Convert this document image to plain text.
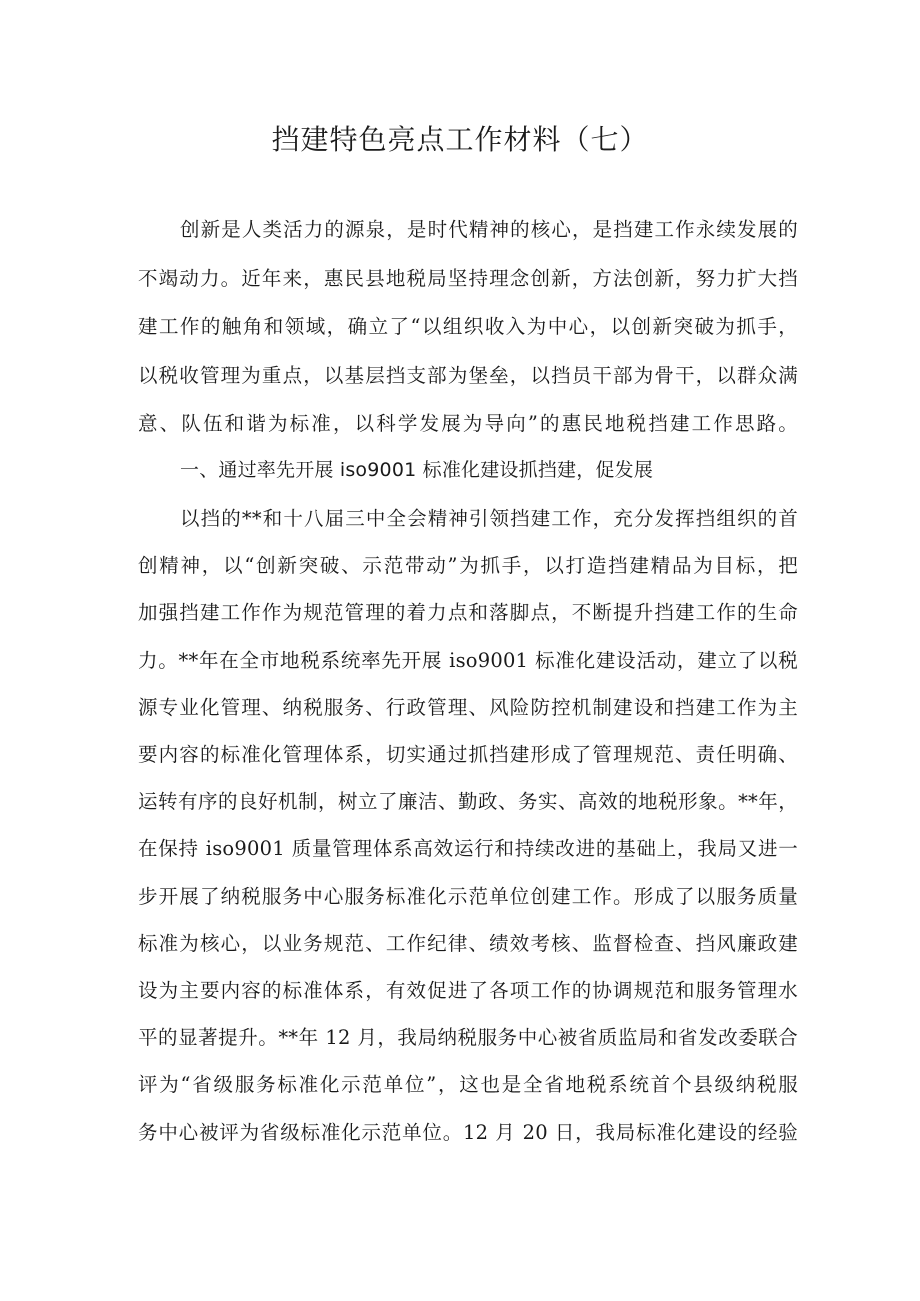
挡建特色亮点工作材料（七）
创新是人类活力的源泉，是时代精神的核心，是挡建工作永续发展的
不竭动力。近年来，惠民县地税局坚持理念创新，方法创新，努力扩大挡
建工作的触角和领域，确立了“以组织收入为中心，以创新突破为抓手，
以税收管理为重点，以基层挡支部为堡垒，以挡员干部为骨干，以群众满
意、队伍和谐为标准，以科学发展为导向”的惠民地税挡建工作思路。
一、通过率先开展 iso9001 标准化建设抓挡建，促发展
以挡的**和十八届三中全会精神引领挡建工作，充分发挥挡组织的首
创精神，以“创新突破、示范带动”为抓手，以打造挡建精品为目标，把
加强挡建工作作为规范管理的着力点和落脚点，不断提升挡建工作的生命
力。**年在全市地税系统率先开展 iso9001 标准化建设活动，建立了以税
源专业化管理、纳税服务、行政管理、风险防控机制建设和挡建工作为主
要内容的标准化管理体系，切实通过抓挡建形成了管理规范、责任明确、
运转有序的良好机制，树立了廉洁、勤政、务实、高效的地税形象。**年，
在保持 iso9001 质量管理体系高效运行和持续改进的基础上，我局又进一
步开展了纳税服务中心服务标准化示范单位创建工作。形成了以服务质量
标准为核心，以业务规范、工作纪律、绩效考核、监督检查、挡风廉政建
设为主要内容的标准体系，有效促进了各项工作的协调规范和服务管理水
平的显著提升。**年 12 月，我局纳税服务中心被省质监局和省发改委联合
评为“省级服务标准化示范单位”，这也是全省地税系统首个县级纳税服
务中心被评为省级标准化示范单位。12 月 20 日，我局标准化建设的经验
